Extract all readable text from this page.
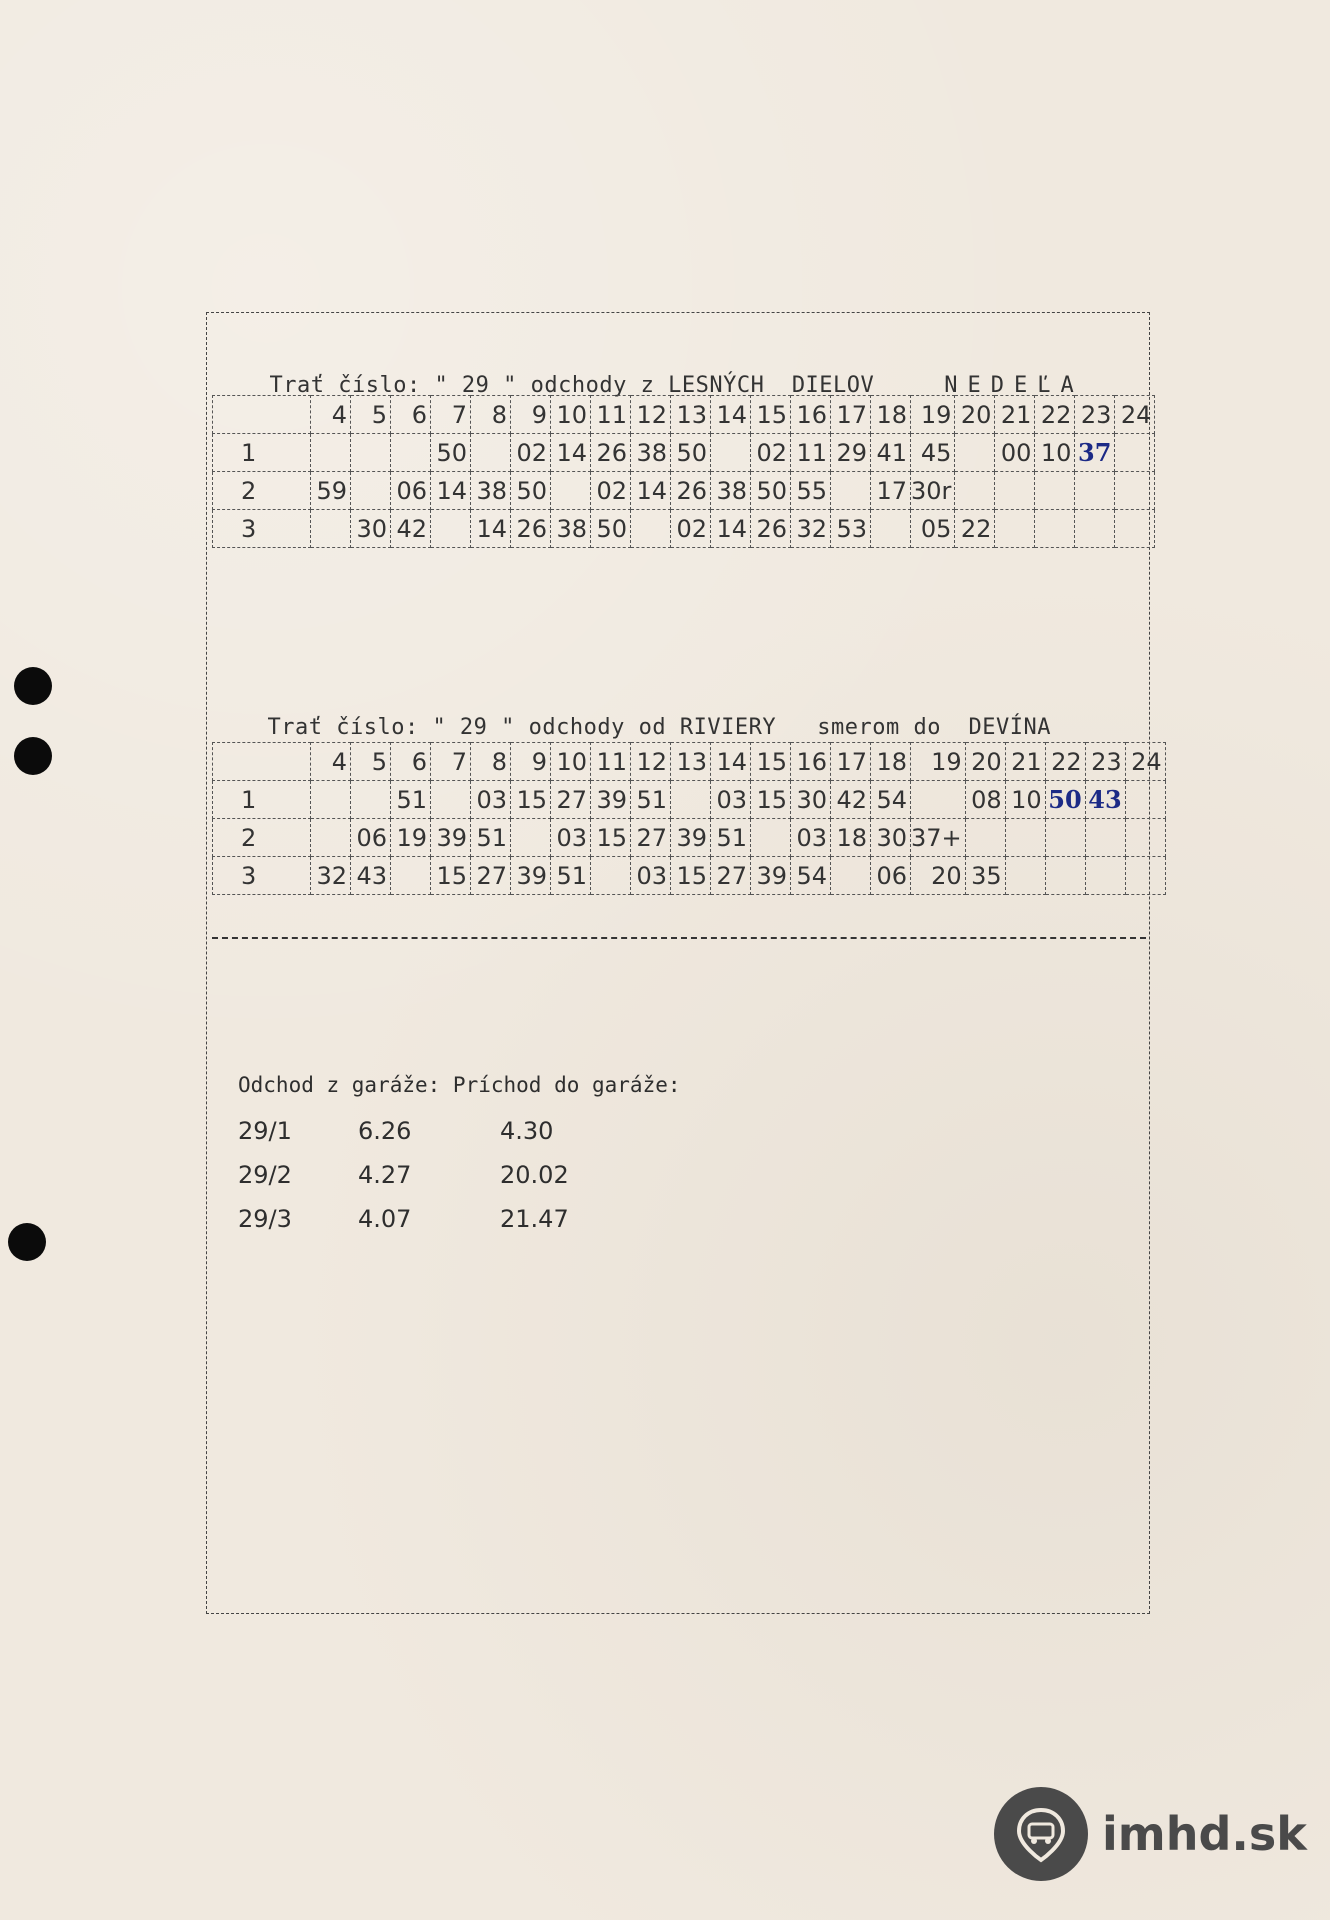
Trať číslo: " 29 " odchody z LESNÝCH  DIELOV	NEDEĽA

	4	5	6	7	8	9	10	11	12	13	14	15	16	17	18	19	20	21	22	23	24
1				50		02	14	26	38	50		02	11	29	41	45		00	10	37	
2	59		06	14	38	50		02	14	26	38	50	55		17	30r					
3		30	42		14	26	38	50		02	14	26	32	53		05	22				

Trať číslo: " 29 " odchody od RIVIERY   smerom do  DEVÍNA

	4	5	6	7	8	9	10	11	12	13	14	15	16	17	18	19	20	21	22	23	24
1			51		03	15	27	39	51		03	15	30	42	54		08	10	50	43	
2		06	19	39	51		03	15	27	39	51		03	18	30	37+					
3	32	43		15	27	39	51		03	15	27	39	54		06	20	35				
Odchod z garáže: Príchod do garáže:
29/1	6.26	4.30
29/2	4.27	20.02
29/3	4.07	21.47
imhd.sk
